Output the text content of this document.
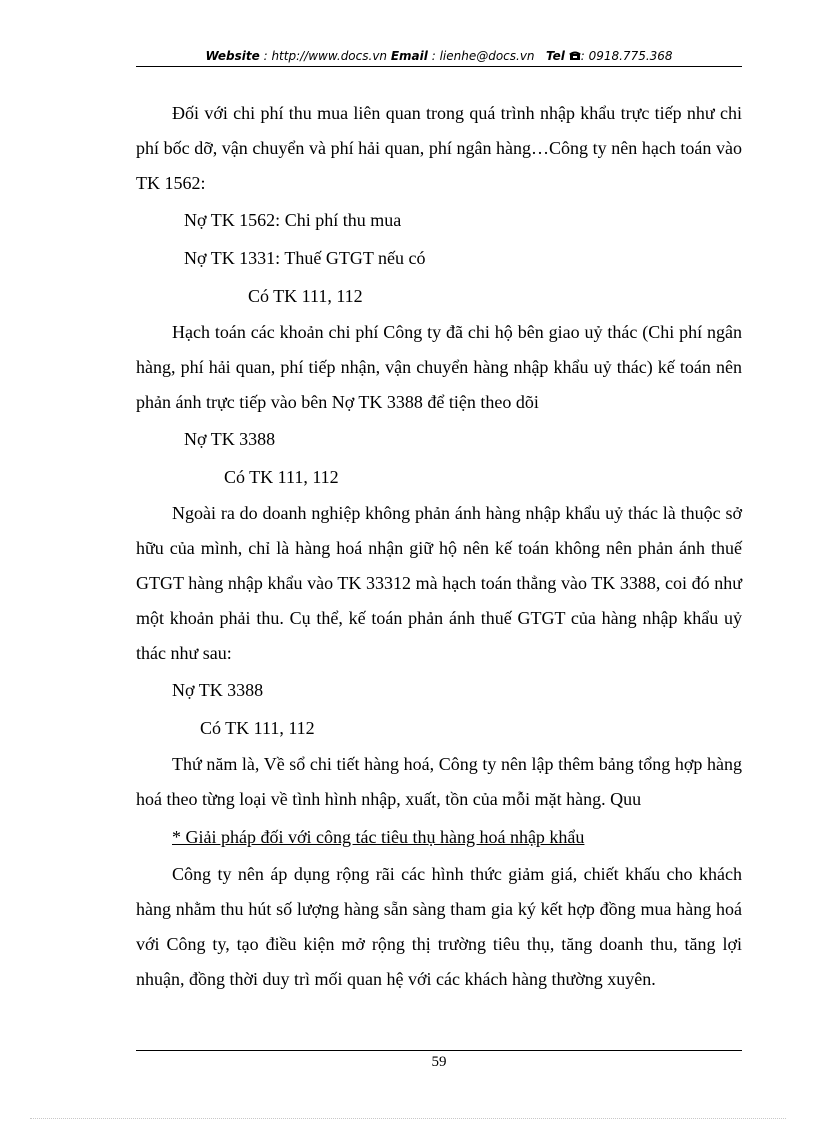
Website : http://www.docs.vn Email : lienhe@docs.vn Tel : 0918.775.368

Đối với chi phí thu mua liên quan trong quá trình nhập khẩu trực tiếp như chi phí bốc dỡ, vận chuyển và phí hải quan, phí ngân hàng…Công ty nên hạch toán vào TK 1562:

Nợ TK 1562: Chi phí thu mua

Nợ TK 1331: Thuế GTGT nếu có

Có TK 111, 112

Hạch toán các khoản chi phí Công ty đã chi hộ bên giao uỷ thác (Chi phí ngân hàng, phí hải quan, phí tiếp nhận, vận chuyển hàng nhập khẩu uỷ thác) kế toán nên phản ánh trực tiếp vào bên Nợ TK 3388 để tiện theo dõi

Nợ TK 3388

Có TK 111, 112

Ngoài ra do doanh nghiệp không phản ánh hàng nhập khẩu uỷ thác là thuộc sở hữu của mình, chỉ là hàng hoá nhận giữ hộ nên kế toán không nên phản ánh thuế GTGT hàng nhập khẩu vào TK 33312 mà hạch toán thẳng vào TK 3388, coi đó như một khoản phải thu. Cụ thể, kế toán phản ánh thuế GTGT của hàng nhập khẩu uỷ thác như sau:

Nợ TK 3388

Có TK 111, 112

Thứ năm là, Về sổ chi tiết hàng hoá, Công ty nên lập thêm bảng tổng hợp hàng hoá theo từng loại về tình hình nhập, xuất, tồn của mỗi mặt hàng. Quu

* Giải pháp đối với công tác tiêu thụ hàng hoá nhập khẩu

Công ty nên áp dụng rộng rãi các hình thức giảm giá, chiết khấu cho khách hàng nhằm thu hút số lượng hàng sẵn sàng tham gia ký kết hợp đồng mua hàng hoá với Công ty, tạo điều kiện mở rộng thị trường tiêu thụ, tăng doanh thu, tăng lợi nhuận, đồng thời duy trì mối quan hệ với các khách hàng thường xuyên.

59
